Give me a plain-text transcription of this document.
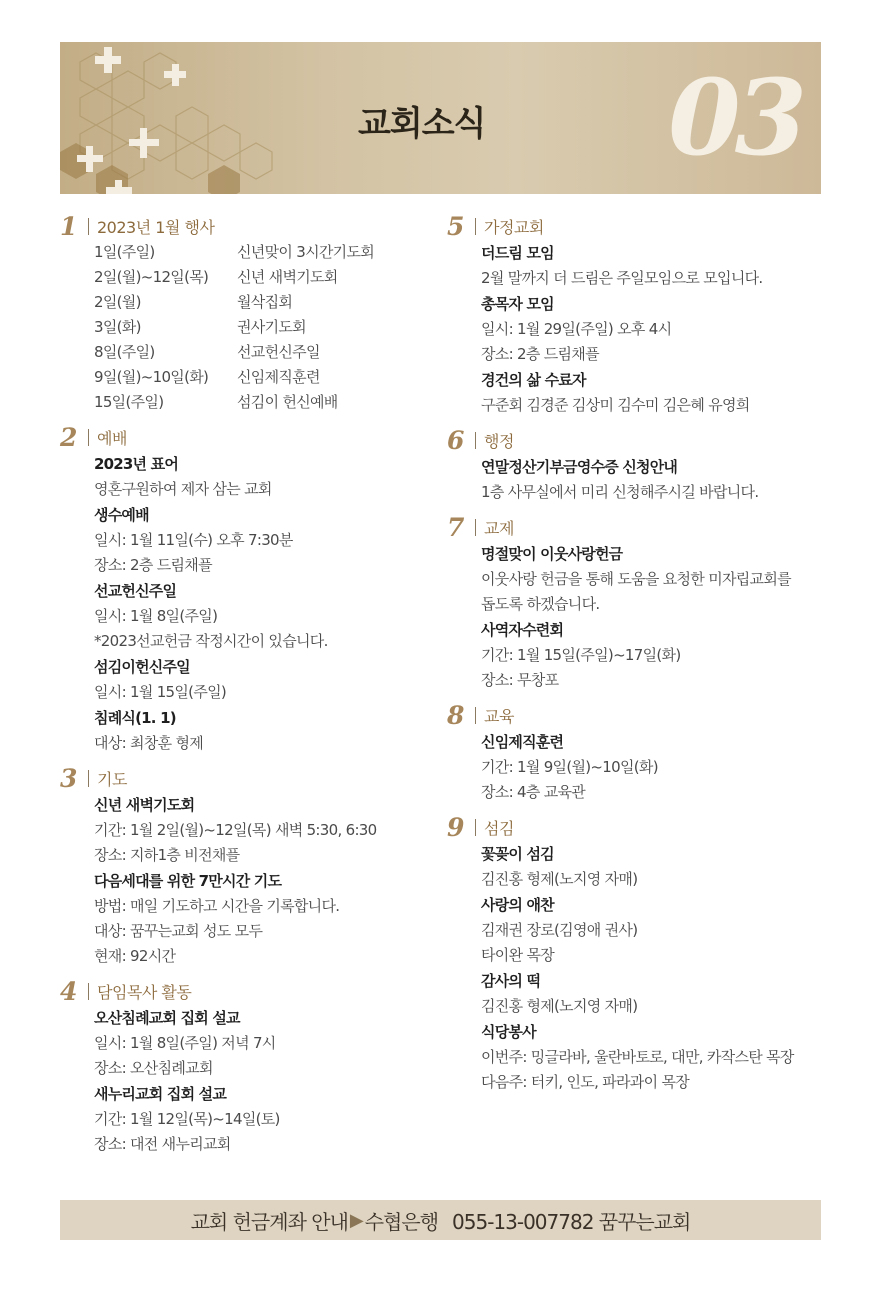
교회소식 03
1	2023년 1월 행사
1일(주일)	신년맞이 3시간기도회
2일(월)~12일(목)	신년 새벽기도회
2일(월)	월삭집회
3일(화)	권사기도회
8일(주일)	선교헌신주일
9일(월)~10일(화)	신임제직훈련
15일(주일)	섬김이 헌신예배
2	예배
2023년 표어
영혼구원하여 제자 삼는 교회
생수예배
일시: 1월 11일(수) 오후 7:30분
장소: 2층 드림채플
선교헌신주일
일시: 1월 8일(주일)
*2023선교헌금 작정시간이 있습니다.
섬김이헌신주일
일시: 1월 15일(주일)
침례식(1. 1)
대상: 최창훈 형제
3	기도
신년 새벽기도회
기간: 1월 2일(월)~12일(목) 새벽 5:30, 6:30
장소: 지하1층 비전채플
다음세대를 위한 7만시간 기도
방법: 매일 기도하고 시간을 기록합니다.
대상: 꿈꾸는교회 성도 모두
현재: 92시간
4	담임목사 활동
오산침례교회 집회 설교
일시: 1월 8일(주일) 저녁 7시
장소: 오산침례교회
새누리교회 집회 설교
기간: 1월 12일(목)~14일(토)
장소: 대전 새누리교회
5	가정교회
더드림 모임
2월 말까지 더 드림은 주일모임으로 모입니다.
총목자 모임
일시: 1월 29일(주일) 오후 4시
장소: 2층 드림채플
경건의 삶 수료자
구준회 김경준 김상미 김수미 김은혜 유영희
6	행정
연말정산기부금영수증 신청안내
1층 사무실에서 미리 신청해주시길 바랍니다.
7	교제
명절맞이 이웃사랑헌금
이웃사랑 헌금을 통해 도움을 요청한 미자립교회를
돕도록 하겠습니다.
사역자수련회
기간: 1월 15일(주일)~17일(화)
장소: 무창포
8	교육
신임제직훈련
기간: 1월 9일(월)~10일(화)
장소: 4층 교육관
9	섬김
꽃꽂이 섬김
김진홍 형제(노지영 자매)
사랑의 애찬
김재권 장로(김영애 권사)
타이완 목장
감사의 떡
김진홍 형제(노지영 자매)
식당봉사
이번주: 밍글라바, 울란바토로, 대만, 카작스탄 목장
다음주: 터키, 인도, 파라과이 목장
교회 헌금계좌 안내 ▶ 수협은행 055-13-007782 꿈꾸는교회
